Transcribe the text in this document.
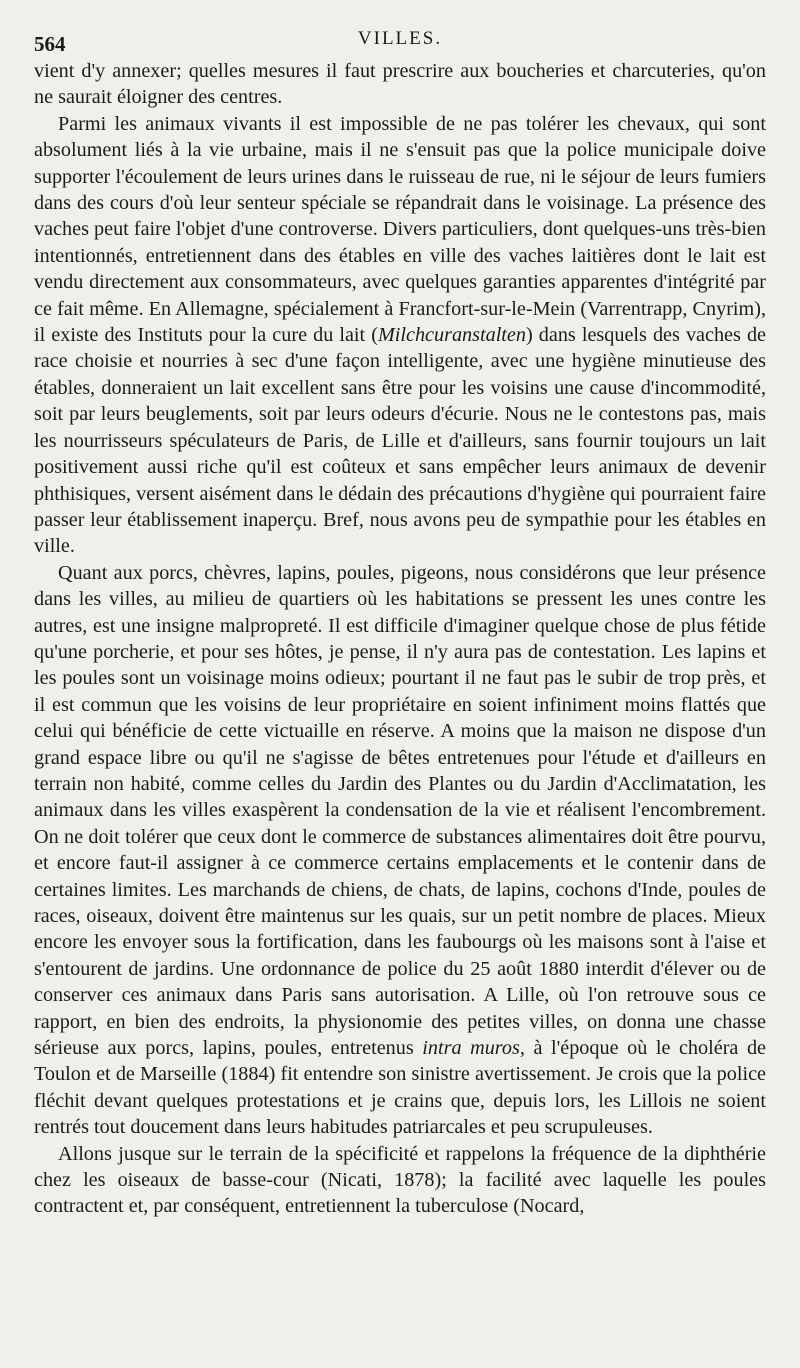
564	VILLES.

vient d'y annexer; quelles mesures il faut prescrire aux boucheries et charcuteries, qu'on ne saurait éloigner des centres.

Parmi les animaux vivants il est impossible de ne pas tolérer les chevaux, qui sont absolument liés à la vie urbaine, mais il ne s'ensuit pas que la police municipale doive supporter l'écoulement de leurs urines dans le ruisseau de rue, ni le séjour de leurs fumiers dans des cours d'où leur senteur spéciale se répandrait dans le voisinage. La présence des vaches peut faire l'objet d'une controverse. Divers particuliers, dont quelques-uns très-bien intentionnés, entretiennent dans des étables en ville des vaches laitières dont le lait est vendu directement aux consommateurs, avec quelques garanties apparentes d'intégrité par ce fait même. En Allemagne, spécialement à Francfort-sur-le-Mein (Varrentrapp, Cnyrim), il existe des Instituts pour la cure du lait (Milchcuranstalten) dans lesquels des vaches de race choisie et nourries à sec d'une façon intelligente, avec une hygiène minutieuse des étables, donneraient un lait excellent sans être pour les voisins une cause d'incommodité, soit par leurs beuglements, soit par leurs odeurs d'écurie. Nous ne le contestons pas, mais les nourrisseurs spéculateurs de Paris, de Lille et d'ailleurs, sans fournir toujours un lait positivement aussi riche qu'il est coûteux et sans empêcher leurs animaux de devenir phthisiques, versent aisément dans le dédain des précautions d'hygiène qui pourraient faire passer leur établissement inaperçu. Bref, nous avons peu de sympathie pour les étables en ville.

Quant aux porcs, chèvres, lapins, poules, pigeons, nous considérons que leur présence dans les villes, au milieu de quartiers où les habitations se pressent les unes contre les autres, est une insigne malpropreté. Il est difficile d'imaginer quelque chose de plus fétide qu'une porcherie, et pour ses hôtes, je pense, il n'y aura pas de contestation. Les lapins et les poules sont un voisinage moins odieux; pourtant il ne faut pas le subir de trop près, et il est commun que les voisins de leur propriétaire en soient infiniment moins flattés que celui qui bénéficie de cette victuaille en réserve. A moins que la maison ne dispose d'un grand espace libre ou qu'il ne s'agisse de bêtes entretenues pour l'étude et d'ailleurs en terrain non habité, comme celles du Jardin des Plantes ou du Jardin d'Acclimatation, les animaux dans les villes exaspèrent la condensation de la vie et réalisent l'encombrement. On ne doit tolérer que ceux dont le commerce de substances alimentaires doit être pourvu, et encore faut-il assigner à ce commerce certains emplacements et le contenir dans de certaines limites. Les marchands de chiens, de chats, de lapins, cochons d'Inde, poules de races, oiseaux, doivent être maintenus sur les quais, sur un petit nombre de places. Mieux encore les envoyer sous la fortification, dans les faubourgs où les maisons sont à l'aise et s'entourent de jardins. Une ordonnance de police du 25 août 1880 interdit d'élever ou de conserver ces animaux dans Paris sans autorisation. A Lille, où l'on retrouve sous ce rapport, en bien des endroits, la physionomie des petites villes, on donna une chasse sérieuse aux porcs, lapins, poules, entretenus intra muros, à l'époque où le choléra de Toulon et de Marseille (1884) fit entendre son sinistre avertissement. Je crois que la police fléchit devant quelques protestations et je crains que, depuis lors, les Lillois ne soient rentrés tout doucement dans leurs habitudes patriarcales et peu scrupuleuses.

Allons jusque sur le terrain de la spécificité et rappelons la fréquence de la diphthérie chez les oiseaux de basse-cour (Nicati, 1878); la facilité avec laquelle les poules contractent et, par conséquent, entretiennent la tuberculose (Nocard,
